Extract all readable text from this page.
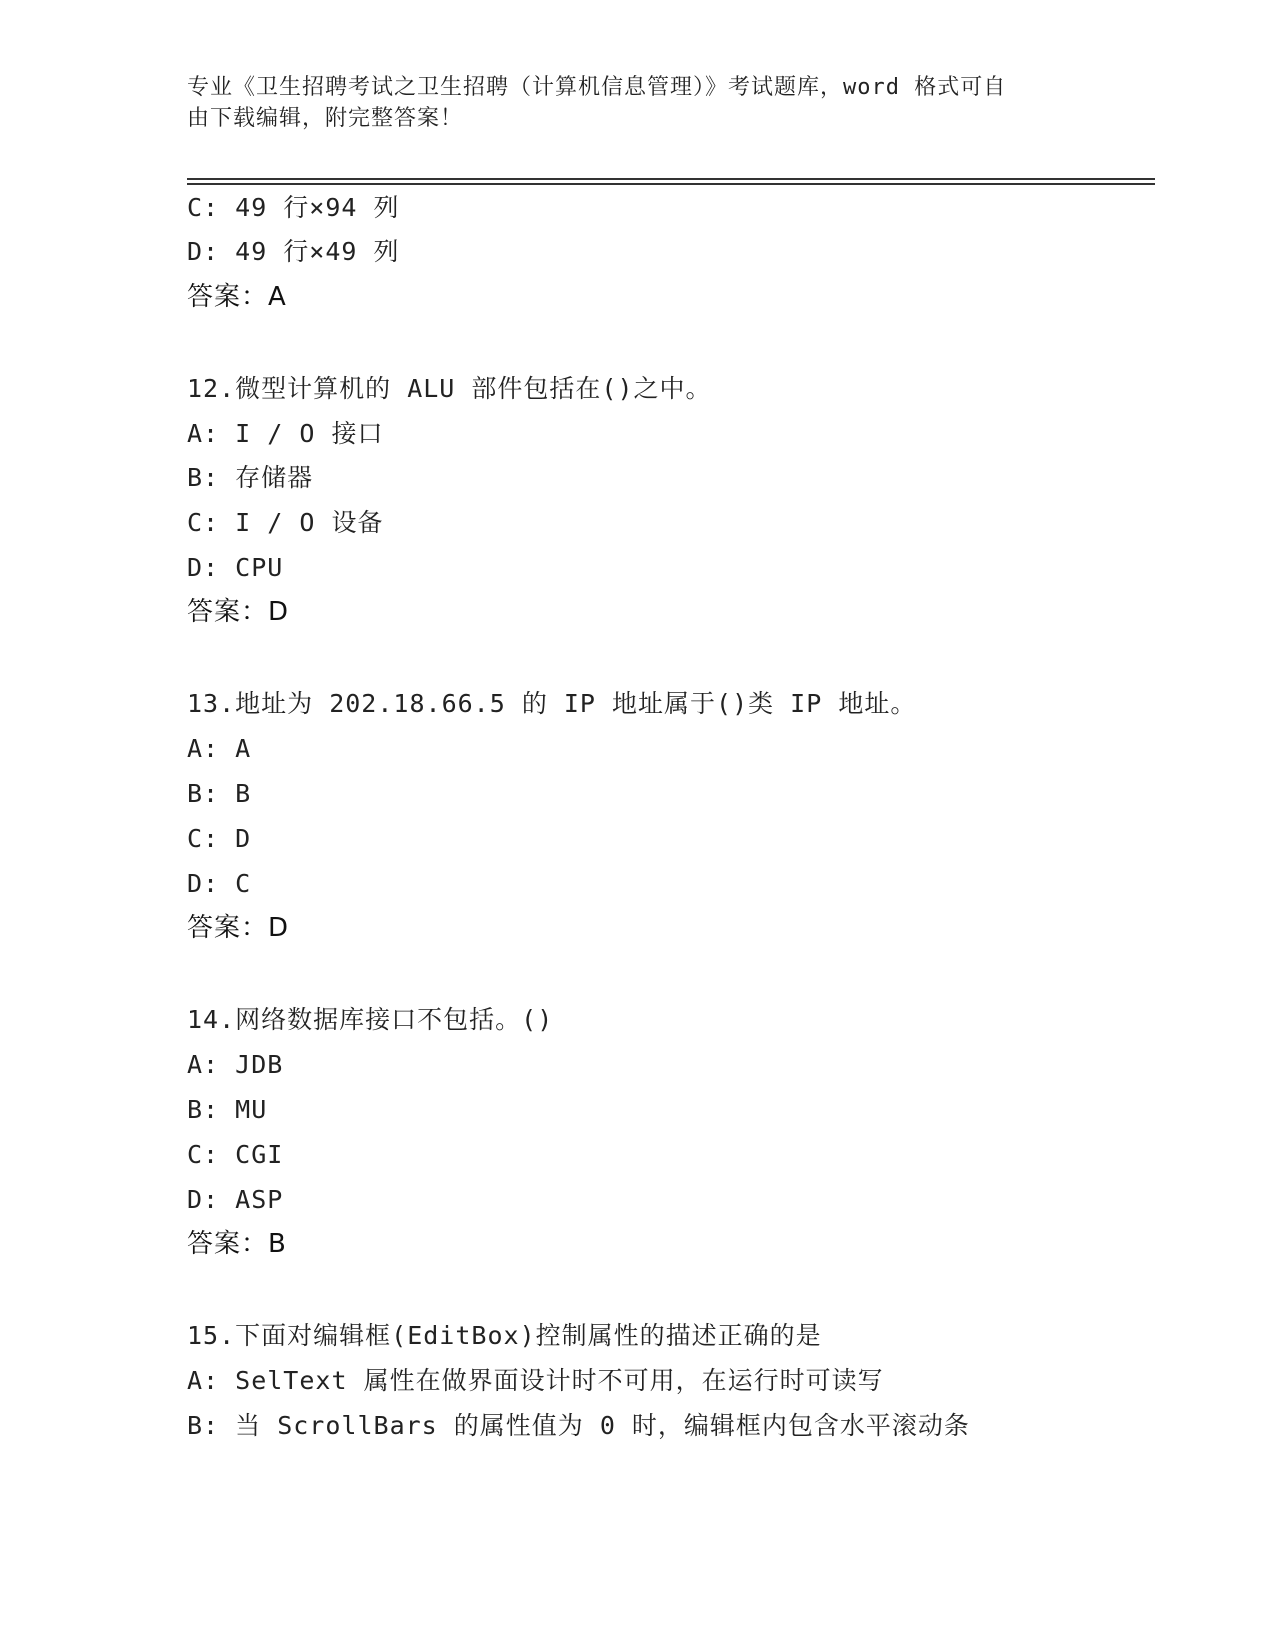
专业《卫生招聘考试之卫生招聘（计算机信息管理）》考试题库，word 格式可自
由下载编辑，附完整答案！
C: 49 行×94 列
D: 49 行×49 列
答案：A
12.微型计算机的 ALU 部件包括在()之中。
A: I / O 接口
B: 存储器
C: I / O 设备
D: CPU
答案：D
13.地址为 202.18.66.5 的 IP 地址属于()类 IP 地址。
A: A
B: B
C: D
D: C
答案：D
14.网络数据库接口不包括。()
A: JDB
B: MU
C: CGI
D: ASP
答案：B
15.下面对编辑框(EditBox)控制属性的描述正确的是
A: SelText 属性在做界面设计时不可用，在运行时可读写
B: 当 ScrollBars 的属性值为 0 时，编辑框内包含水平滚动条
